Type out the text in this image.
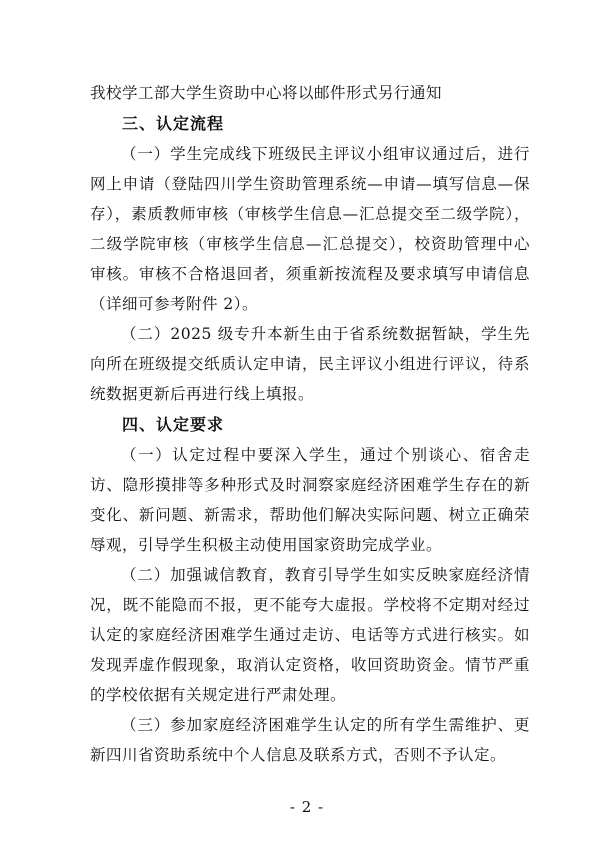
我校学工部大学生资助中心将以邮件形式另行通知

三、认定流程

（一）学生完成线下班级民主评议小组审议通过后，进行网上申请（登陆四川学生资助管理系统—申请—填写信息—保存），素质教师审核（审核学生信息—汇总提交至二级学院），二级学院审核（审核学生信息—汇总提交），校资助管理中心审核。审核不合格退回者，须重新按流程及要求填写申请信息（详细可参考附件 2）。

（二）2025 级专升本新生由于省系统数据暂缺，学生先向所在班级提交纸质认定申请，民主评议小组进行评议，待系统数据更新后再进行线上填报。

四、认定要求

（一）认定过程中要深入学生，通过个别谈心、宿舍走访、隐形摸排等多种形式及时洞察家庭经济困难学生存在的新变化、新问题、新需求，帮助他们解决实际问题、树立正确荣辱观，引导学生积极主动使用国家资助完成学业。

（二）加强诚信教育，教育引导学生如实反映家庭经济情况，既不能隐而不报，更不能夸大虚报。学校将不定期对经过认定的家庭经济困难学生通过走访、电话等方式进行核实。如发现弄虚作假现象，取消认定资格，收回资助资金。情节严重的学校依据有关规定进行严肃处理。

（三）参加家庭经济困难学生认定的所有学生需维护、更新四川省资助系统中个人信息及联系方式，否则不予认定。

- 2 -
